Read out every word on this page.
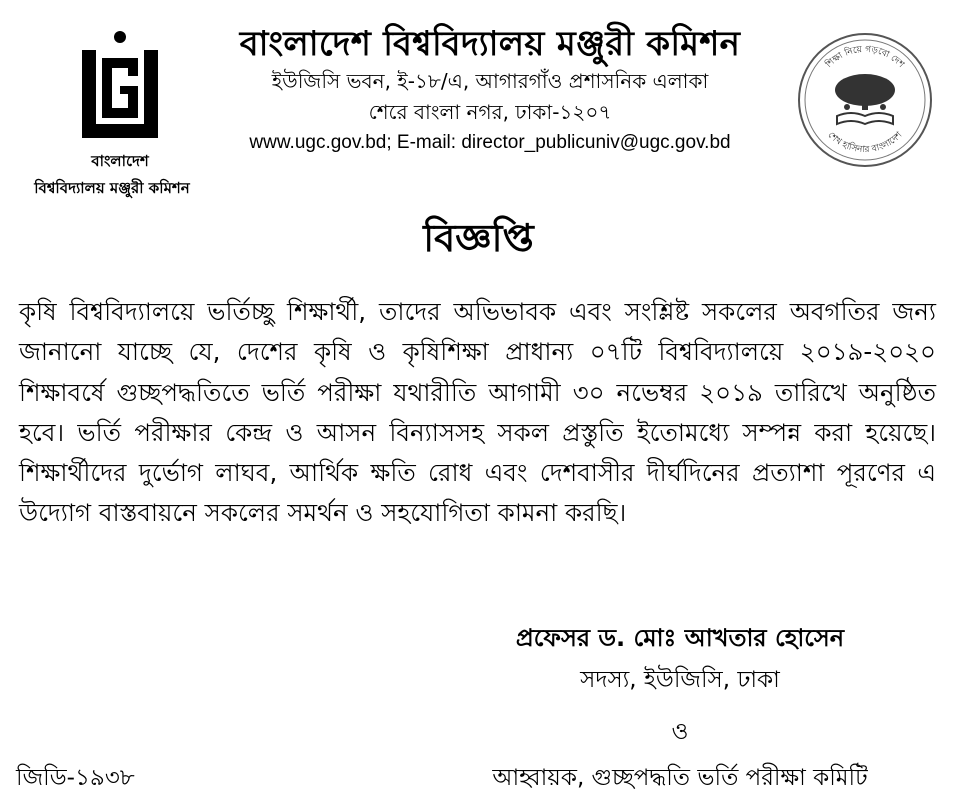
বাংলাদেশ
বিশ্ববিদ্যালয় মঞ্জুরী কমিশন
শিক্ষা নিয়ে গড়বো দেশ
শেখ হাসিনার বাংলাদেশ
বাংলাদেশ বিশ্ববিদ্যালয় মঞ্জুরী কমিশন
ইউজিসি ভবন, ই-১৮/এ, আগারগাঁও প্রশাসনিক এলাকা
শেরে বাংলা নগর, ঢাকা-১২০৭
www.ugc.gov.bd; E-mail: director_publicuniv@ugc.gov.bd
বিজ্ঞপ্তি
কৃষি বিশ্ববিদ্যালয়ে ভর্তিচ্ছু শিক্ষার্থী, তাদের অভিভাবক এবং সংশ্লিষ্ট সকলের অবগতির জন্য জানানো যাচ্ছে যে, দেশের কৃষি ও কৃষিশিক্ষা প্রাধান্য ০৭টি বিশ্ববিদ্যালয়ে ২০১৯-২০২০ শিক্ষাবর্ষে গুচ্ছপদ্ধতিতে ভর্তি পরীক্ষা যথারীতি আগামী ৩০ নভেম্বর ২০১৯ তারিখে অনুষ্ঠিত হবে। ভর্তি পরীক্ষার কেন্দ্র ও আসন বিন্যাসসহ সকল প্রস্তুতি ইতোমধ্যে সম্পন্ন করা হয়েছে। শিক্ষার্থীদের দুর্ভোগ লাঘব, আর্থিক ক্ষতি রোধ এবং দেশবাসীর দীর্ঘদিনের প্রত্যাশা পূরণের এ উদ্যোগ বাস্তবায়নে সকলের সমর্থন ও সহযোগিতা কামনা করছি।
প্রফেসর ড. মোঃ আখতার হোসেন
সদস্য, ইউজিসি, ঢাকা
ও
আহ্বায়ক, গুচ্ছপদ্ধতি ভর্তি পরীক্ষা কমিটি
জিডি-১৯৩৮
